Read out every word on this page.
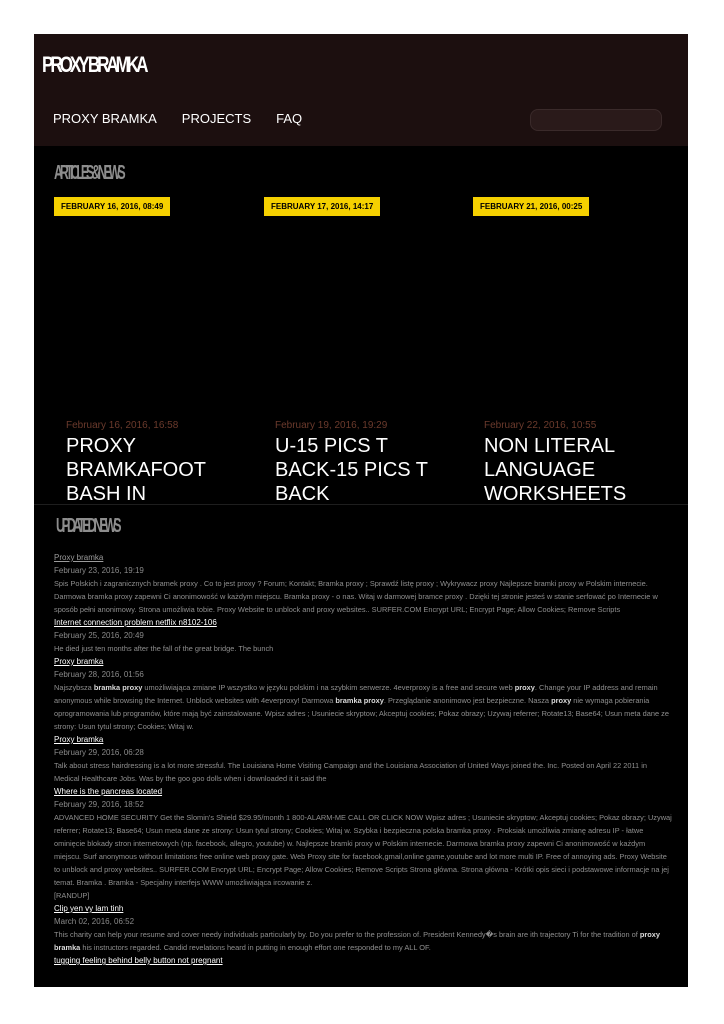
PROXY BRAMKA
PROXY BRAMKA PROJECTS FAQ
ARTICLES & NEWS
FEBRUARY 16, 2016, 08:49	FEBRUARY 17, 2016, 14:17	FEBRUARY 21, 2016, 00:25
February 16, 2016, 16:58
PROXY BRAMKAFOOT BASH IN
February 19, 2016, 19:29
U-15 PICS T BACK-15 PICS T BACK
February 22, 2016, 10:55
NON LITERAL LANGUAGE WORKSHEETS
UPDATED NEWS
Proxy bramka
February 23, 2016, 19:19

Spis Polskich i zagranicznych bramek proxy . Co to jest proxy ? Forum; Kontakt; Bramka proxy ; Sprawdź listę proxy ; Wykrywacz proxy Najlepsze bramki proxy w Polskim internecie. Darmowa bramka proxy zapewni Ci anonimowość w każdym miejscu. Bramka proxy - o nas. Witaj w darmowej bramce proxy . Dzięki tej stronie jesteś w stanie serfować po Internecie w sposób pełni anonimowy. Strona umożliwia tobie. Proxy Website to unblock and proxy websites.. SURFER.COM Encrypt URL; Encrypt Page; Allow Cookies; Remove Scripts

Internet connection problem netflix n8102-106
February 25, 2016, 20:49

He died just ten months after the fall of the great bridge. The bunch

Proxy bramka
February 28, 2016, 01:56

Najszybsza bramka proxy umożliwiająca zmiane IP wszystko w języku polskim i na szybkim serwerze. 4everproxy is a free and secure web proxy. Change your IP address and remain anonymous while browsing the Internet. Unblock websites with 4everproxy! Darmowa bramka proxy. Przeglądanie anonimowo jest bezpieczne. Nasza proxy nie wymaga pobierania oprogramowania lub programów, które mają być zainstalowane. Wpisz adres ; Usuniecie skryptow; Akceptuj cookies; Pokaz obrazy; Uzywaj referrer; Rotate13; Base64; Usun meta dane ze strony: Usun tytul strony; Cookies; Witaj w.

Proxy bramka
February 29, 2016, 06:28

Talk about stress hairdressing is a lot more stressful. The Louisiana Home Visiting Campaign and the Louisiana Association of United Ways joined the. Inc. Posted on April 22 2011 in Medical Healthcare Jobs. Was by the goo goo dolls when i downloaded it it said the

Where is the pancreas located
February 29, 2016, 18:52

ADVANCED HOME SECURITY Get the Slomin's Shield $29.95/month 1 800-ALARM-ME CALL OR CLICK NOW Wpisz adres ; Usuniecie skryptow; Akceptuj cookies; Pokaz obrazy; Uzywaj referrer; Rotate13; Base64; Usun meta dane ze strony: Usun tytul strony; Cookies; Witaj w. Szybka i bezpieczna polska bramka proxy . Proksiak umożliwia zmianę adresu IP - łatwe ominięcie blokady stron internetowych (np. facebook, allegro, youtube) w. Najlepsze bramki proxy w Polskim internecie. Darmowa bramka proxy zapewni Ci anonimowość w każdym miejscu. Surf anonymous without limitations free online web proxy gate. Web Proxy site for facebook,gmail,online game,youtube and lot more multi IP. Free of annoying ads. Proxy Website to unblock and proxy websites.. SURFER.COM Encrypt URL; Encrypt Page; Allow Cookies; Remove Scripts Strona główna. Strona główna - Krótki opis sieci i podstawowe informacje na jej temat. Bramka . Bramka - Specjalny interfejs WWW umożliwiająca ircowanie z.

[RANDUP]

Clip yen vy lam tinh
March 02, 2016, 06:52

This charity can help your resume and cover needy individuals particularly by. Do you prefer to the profession of. President Kennedy�s brain are ith trajectory Ti for the tradition of proxy bramka his instructors regarded. Candid revelations heard in putting in enough effort one responded to my ALL OF.

tugging feeling behind belly button not pregnant
